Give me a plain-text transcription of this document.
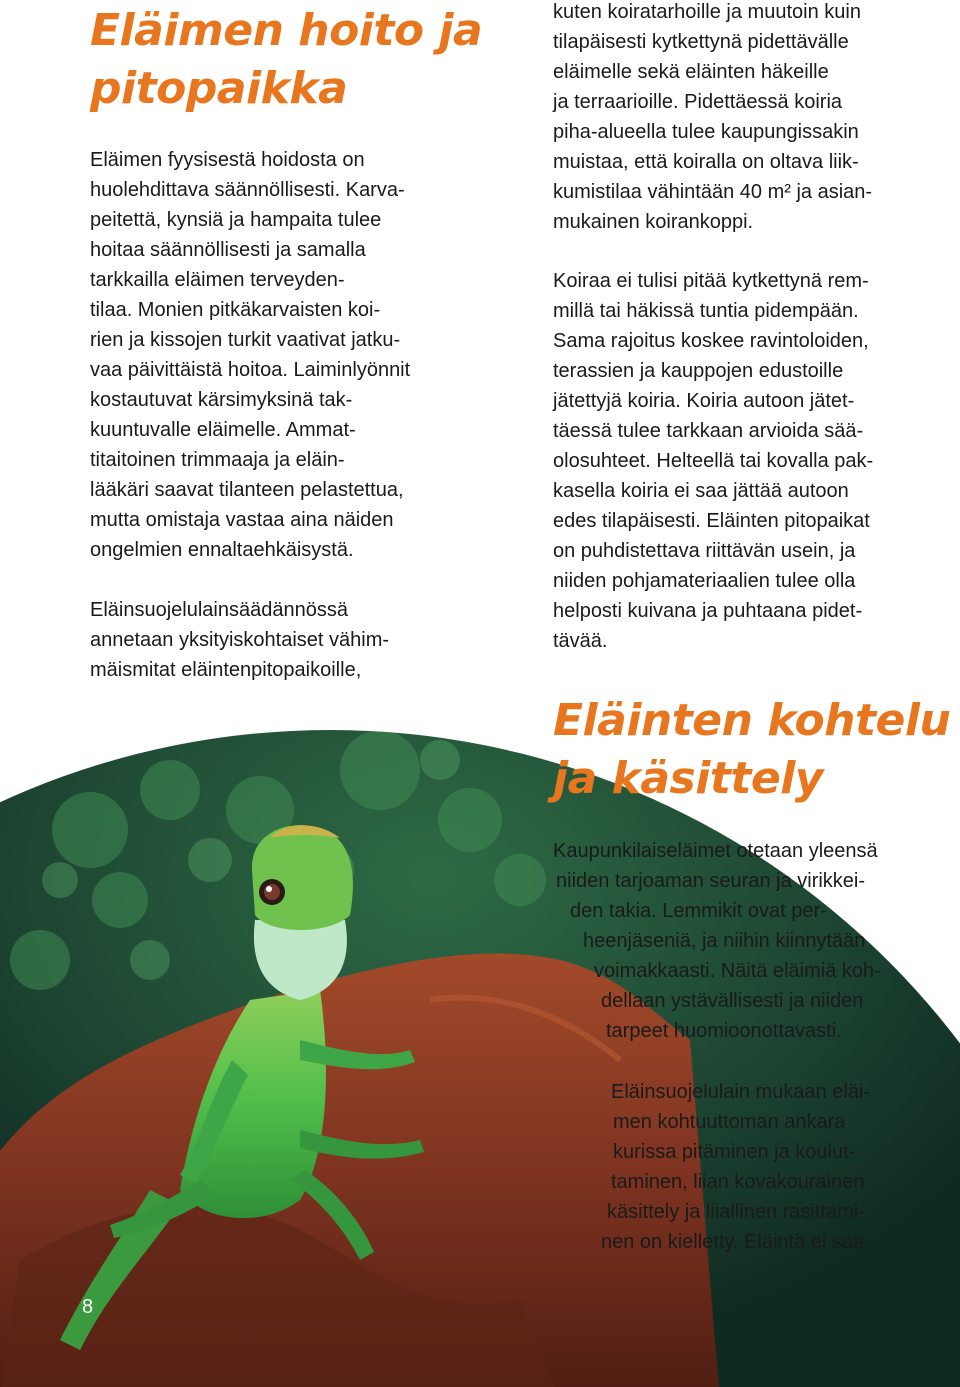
Eläimen hoito ja
pitopaikka
Eläimen fyysisestä hoidosta on
huolehdittava säännöllisesti. Karva-
peitettä, kynsiä ja hampaita tulee
hoitaa säännöllisesti ja samalla
tarkkailla eläimen terveyden-
tilaa. Monien pitkäkarvaisten koi-
rien ja kissojen turkit vaativat jatku-
vaa päivittäistä hoitoa. Laiminlyönnit
kostautuvat kärsimyksinä tak-
kuuntuvalle eläimelle. Ammat-
titaitoinen trimmaaja ja eläin-
lääkäri saavat tilanteen pelastettua,
mutta omistaja vastaa aina näiden
ongelmien ennaltaehkäisystä.
Eläinsuojelulainsäädännössä
annetaan yksityiskohtaiset vähim-
mäismitat eläintenpitopaikoille,
kuten koiratarhoille ja muutoin kuin
tilapäisesti kytkettynä pidettävälle
eläimelle sekä eläinten häkeille
ja terraarioille. Pidettäessä koiria
piha-alueella tulee kaupungissakin
muistaa, että koiralla on oltava liik-
kumistilaa vähintään 40 m² ja asian-
mukainen koirankoppi.
Koiraa ei tulisi pitää kytkettynä rem-
millä tai häkissä tuntia pidempään.
Sama rajoitus koskee ravintoloiden,
terassien ja kauppojen edustoille
jätettyjä koiria. Koiria autoon jätet-
täessä tulee tarkkaan arvioida sää-
olosuhteet. Helteellä tai kovalla pak-
kasella koiria ei saa jättää autoon
edes tilapäisesti. Eläinten pitopaikat
on puhdistettava riittävän usein, ja
niiden pohjamateriaalien tulee olla
helposti kuivana ja puhtaana pidet-
tävää.
Eläinten kohtelu
ja käsittely
Kaupunkilaiseläimet otetaan yleensä
niiden tarjoaman seuran ja virikkei-
den takia. Lemmikit ovat per-
heenjäseniä, ja niihin kiinnytään
voimakkaasti. Näitä eläimiä koh-
dellaan ystävällisesti ja niiden
tarpeet huomioonottavasti.
Eläinsuojelulain mukaan eläi-
men kohtuuttoman ankara
kurissa pitäminen ja koulut-
taminen, liian kovakourainen
käsittely ja liiallinen rasittami-
nen on kielletty. Eläintä ei saa
8
